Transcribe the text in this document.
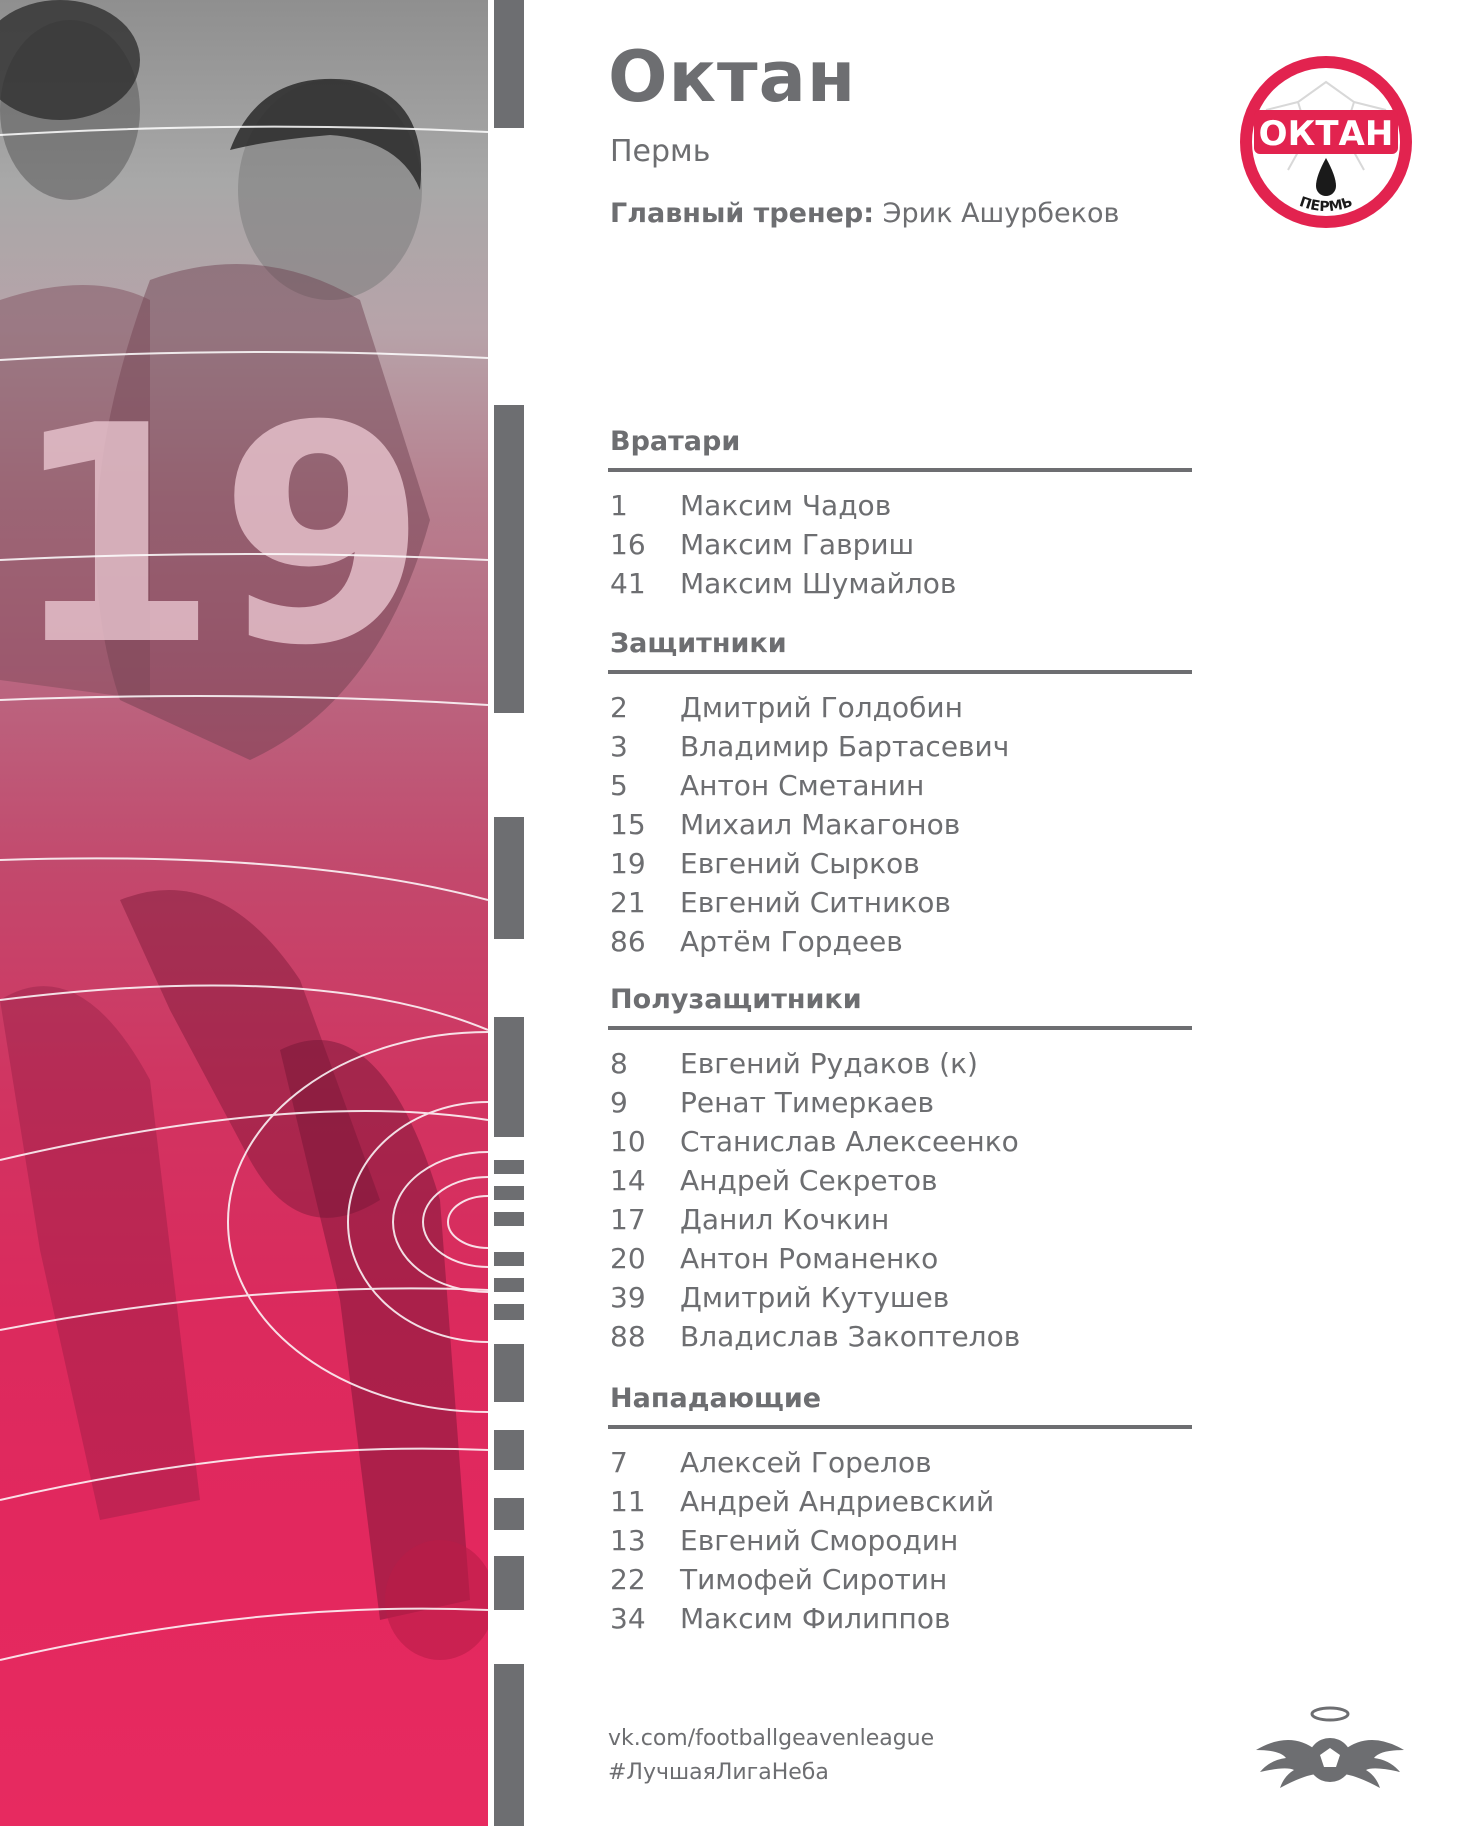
19
Октан
Пермь
Главный тренер: Эрик Ашурбеков
ОКТАН
ПЕРМЬ
Вратари
1	Максим Чадов
16	Максим Гавриш
41	Максим Шумайлов
Защитники
2	Дмитрий Голдобин
3	Владимир Бартасевич
5	Антон Сметанин
15	Михаил Макагонов
19	Евгений Сырков
21	Евгений Ситников
86	Артём Гордеев
Полузащитники
8	Евгений Рудаков (к)
9	Ренат Тимеркаев
10	Станислав Алексеенко
14	Андрей Секретов
17	Данил Кочкин
20	Антон Романенко
39	Дмитрий Кутушев
88	Владислав Закоптелов
Нападающие
7	Алексей Горелов
11	Андрей Андриевский
13	Евгений Смородин
22	Тимофей Сиротин
34	Максим Филиппов
vk.com/footballgeavenleague
#ЛучшаяЛигаНеба
